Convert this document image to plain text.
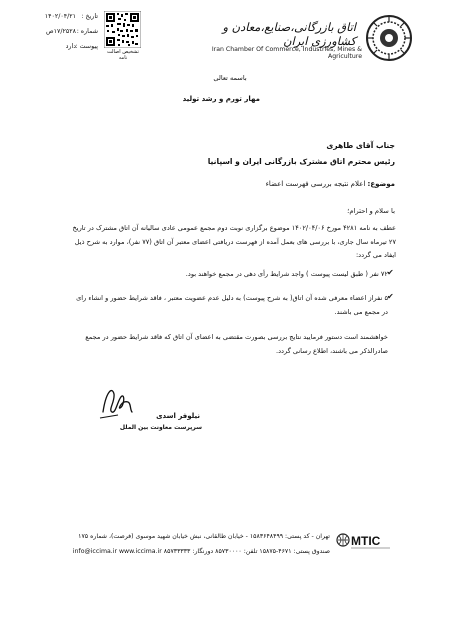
اتاق بازرگانی،صنایع،معادن و کشاورزی ایران
Iran Chamber Of Commerce, Industries, Mines & Agriculture
تشخیص اصالت نامه
تاریخ :
۱۴۰۲/۰۴/۲۱
شماره :
۱۷/۲۵۲۸ص
پیوست :
دارد
باسمه تعالی
مهار تورم و رشد تولید
جناب آقای طاهری
رئیس محترم اتاق مشترک بازرگانی ایران و اسپانیا
موضوع: اعلام نتیجه بررسی فهرست اعضاء
با سلام و احترام؛
عطف به نامه ۴۲۸۱ مورخ ۱۴۰۲/۰۴/۰۶ موضوع برگزاری نوبت دوم مجمع عمومی عادی سالیانه آن اتاق مشترک در تاریخ ۲۷ تیرماه سال جاری، با بررسی های بعمل آمده از فهرست دریافتی اعضای معتبر آن اتاق (۷۷ نفر)، موارد به شرح ذیل ایفاد می گردد:
✔
۷۲ نفر ( طبق لیست پیوست ) واجد شرایط رأی دهی در مجمع خواهند بود.
✔
۵ نفراز اعضاء معرفی شده آن اتاق( به شرح پیوست) به دلیل عدم عضویت معتبر ، فاقد شرایط حضور و انشاء رای در مجمع می باشند.
خواهشمند است دستور فرمایید نتایج بررسی بصورت مقتضی به اعضای آن اتاق که فاقد شرایط حضور در مجمع صادرالذکر می باشند، اطلاع رسانی گردد.
نیلوفر اسدی
سرپرست معاونت بین الملل
MTIC
تهران - کد پستی: ۱۵۸۳۶۴۸۴۹۹ - خیابان طالقانی، نبش خیابان شهید موسوی (فرصت)، شماره ۱۷۵
صندوق پستی: ۴۶۷۱-۱۵۸۷۵ تلفن: ۸۵۷۳۰۰۰۰ دورنگار: ۸۵۷۳۳۳۳۳ info@iccima.ir www.iccima.ir
